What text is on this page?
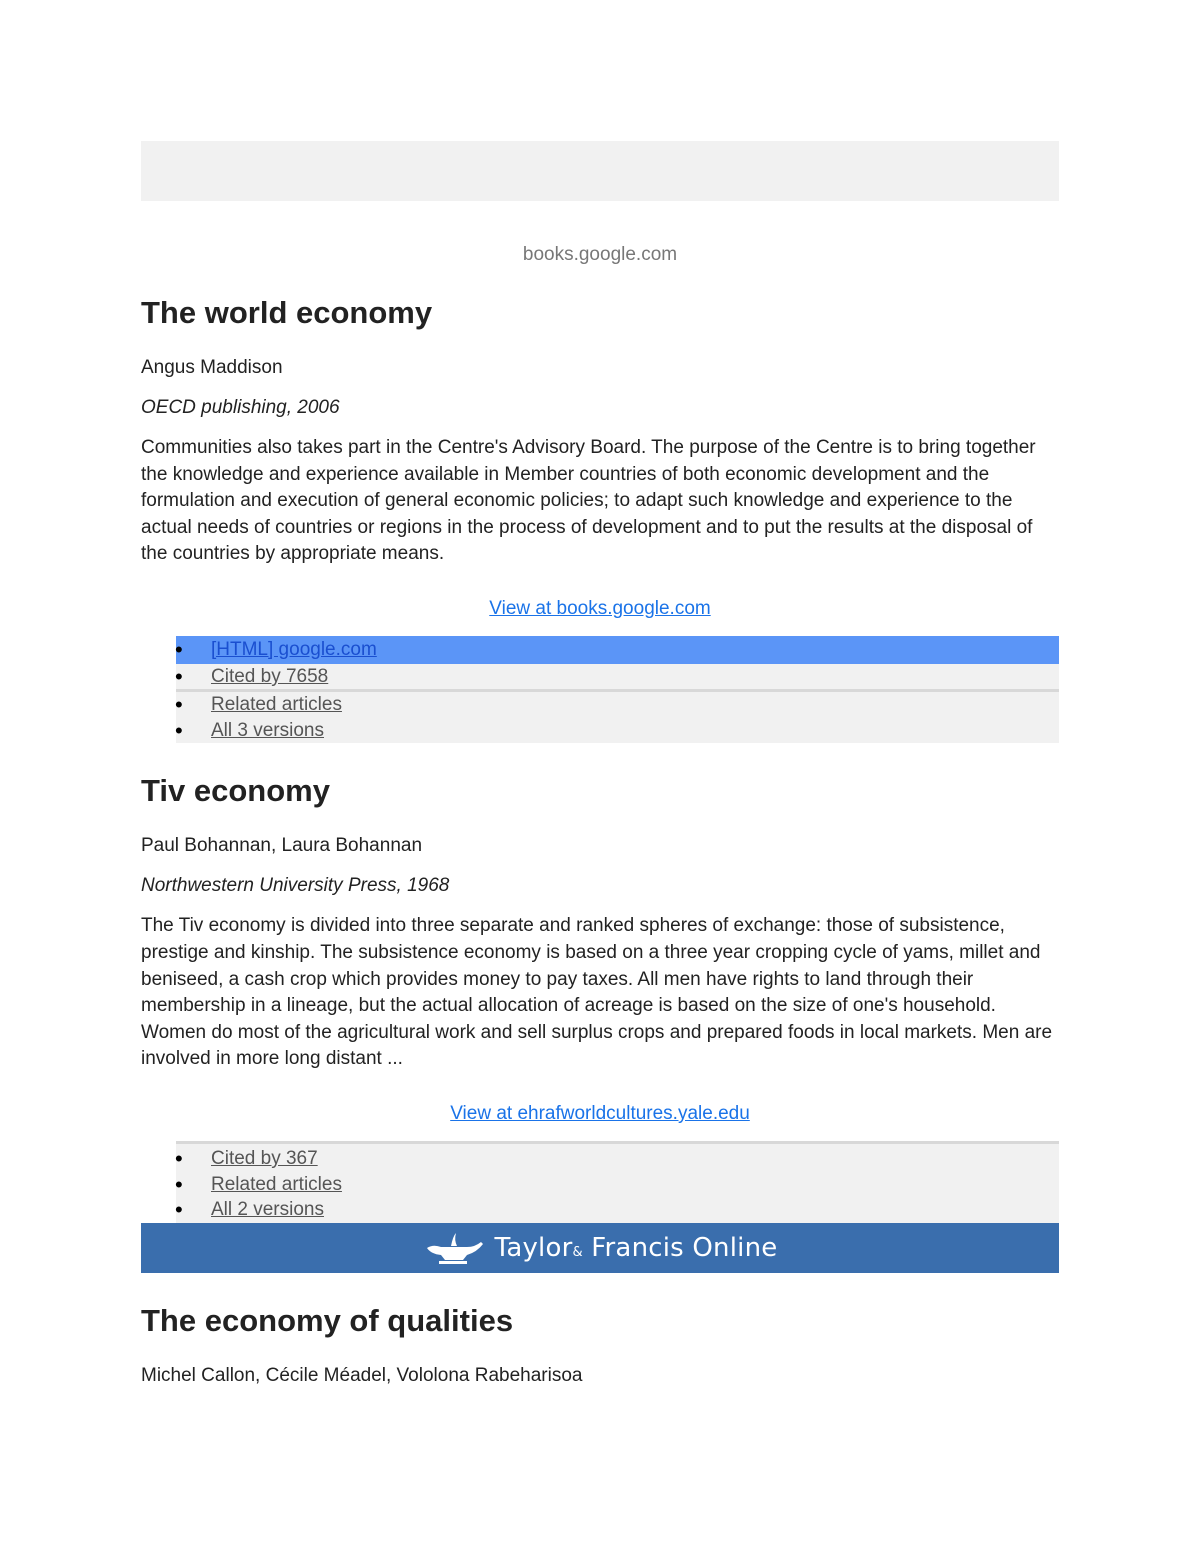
books.google.com
The world economy
Angus Maddison
OECD publishing, 2006
Communities also takes part in the Centre's Advisory Board. The purpose of the Centre is to bring together the knowledge and experience available in Member countries of both economic development and the formulation and execution of general economic policies; to adapt such knowledge and experience to the actual needs of countries or regions in the process of development and to put the results at the disposal of the countries by appropriate means.
View at books.google.com
• [HTML] google.com
• Cited by 7658
• Related articles
• All 3 versions
Tiv economy
Paul Bohannan, Laura Bohannan
Northwestern University Press, 1968
The Tiv economy is divided into three separate and ranked spheres of exchange: those of subsistence, prestige and kinship. The subsistence economy is based on a three year cropping cycle of yams, millet and beniseed, a cash crop which provides money to pay taxes. All men have rights to land through their membership in a lineage, but the actual allocation of acreage is based on the size of one's household. Women do most of the agricultural work and sell surplus crops and prepared foods in local markets. Men are involved in more long distant ...
View at ehrafworldcultures.yale.edu
• Cited by 367
• Related articles
• All 2 versions
Taylor& Francis Online
The economy of qualities
Michel Callon, Cécile Méadel, Vololona Rabeharisoa
